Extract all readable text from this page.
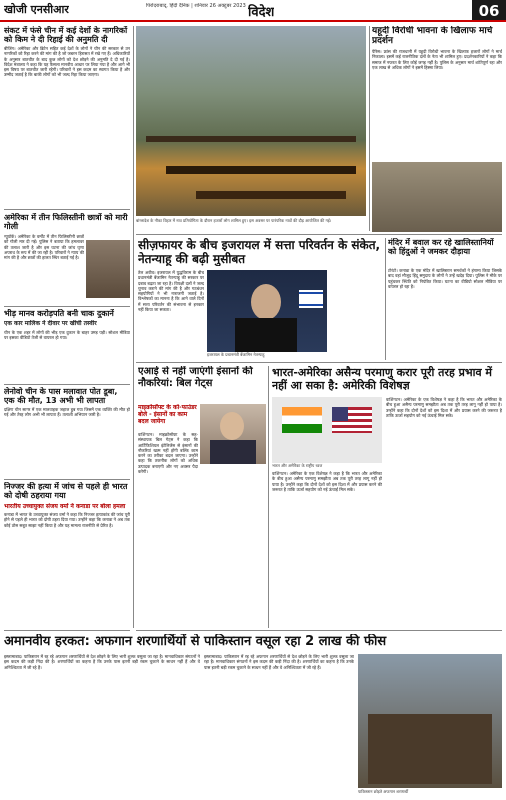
खोजी एनसीआर	पिरोदराबाद्, हिंदी दैनिक | शनिवार 26 अक्टूबर 2023 विदेश	06
संकट में फंसे चीन में कई देशों के नागरिकों को किम ने दी रिहाई की अनुमति दी
बीजिंग। अमेरिका और ब्रिटेन सहित कई देशों के लोगों ने चीन की सरकार से उन नागरिकों को रिहा करने की मांग की है जो जबरन हिरासत में रखे गए हैं। अधिकारियों के अनुसार बातचीत के बाद कुछ लोगों को देश छोड़ने की अनुमति दे दी गई है। विदेश मंत्रालय ने कहा कि यह फैसला मानवीय आधार पर लिया गया है और आगे भी इस विषय पर बातचीत जारी रहेगी। परिवारों ने इस कदम का स्वागत किया है और उम्मीद जताई है कि बाकी लोगों को भी जल्द रिहा किया जाएगा।
अमेरिका में तीन फिलिस्तीनी छात्रों को मारी गोली
न्यूयॉर्क। अमेरिका के वर्मोंट में तीन फिलिस्तीनी छात्रों को गोली मार दी गई। पुलिस ने बताया कि हमलावर की तलाश जारी है और इस घटना की जांच घृणा अपराध के रूप में की जा रही है। परिवारों ने न्याय की मांग की है और छात्रों की हालत स्थिर बताई गई है।
भीड़ मानव करोड़पति बनी चाक दुकानें
एक कार मालिक ने दीवार पर खींची तस्वीर
चीन के एक शहर में लोगों की भीड़ एक दुकान के बाहर उमड़ पड़ी। सोशल मीडिया पर इसका वीडियो तेजी से वायरल हो गया।
लेनोवो चीन के पास मलावात पोत डूबा, एक की मौत, 13 अभी भी लापता
दक्षिण चीन सागर में एक मालवाहक जहाज डूब गया जिसमें एक व्यक्ति की मौत हो गई और तेरह लोग अभी भी लापता हैं। तलाशी अभियान जारी है।
निज्जर की हत्या में जांच से पहले ही भारत को दोषी ठहराया गया
भारतीय उच्चायुक्त संजय वर्मा ने कनाडा पर बोला हमला
कनाडा में भारत के उच्चायुक्त संजय वर्मा ने कहा कि निज्जर हत्याकांड की जांच पूरी होने से पहले ही भारत को दोषी ठहरा दिया गया। उन्होंने कहा कि कनाडा ने अब तक कोई ठोस सबूत साझा नहीं किया है और यह मामला राजनीति से प्रेरित है।
बांग्लादेश के नौका विहार में नाव प्रतियोगिता के दौरान हजारों लोग शामिल हुए। इस अवसर पर पारंपरिक नावों की दौड़ आयोजित की गई।
यहूदी विरोधी भावना के खिलाफ मार्च प्रदर्शन
पेरिस। फ्रांस की राजधानी में यहूदी विरोधी भावना के खिलाफ हजारों लोगों ने मार्च निकाला। इसमें कई राजनीतिक दलों के नेता भी शामिल हुए। प्रदर्शनकारियों ने कहा कि समाज में नफरत के लिए कोई जगह नहीं है। पुलिस के अनुसार मार्च शांतिपूर्ण रहा और एक लाख से अधिक लोगों ने इसमें हिस्सा लिया।
सीज़फायर के बीच इजरायल में सत्ता परिवर्तन के संकेत, नेतन्याहू की बढ़ी मुसीबत
तेल अवीव। इजरायल में युद्धविराम के बीच प्रधानमंत्री बेंजामिन नेतन्याहू की सरकार पर दबाव बढ़ता जा रहा है। विपक्षी दलों ने जल्द चुनाव कराने की मांग की है और गठबंधन सहयोगियों ने भी नाराजगी जताई है। विश्लेषकों का मानना है कि आने वाले दिनों में सत्ता परिवर्तन की संभावना से इनकार नहीं किया जा सकता।
इजरायल के प्रधानमंत्री बेंजामिन नेतन्याहू
मंदिर में बवाल कर रहे खालिस्तानियों को हिंदुओं ने जमकर दौड़ाया
टोरंटो। कनाडा के एक मंदिर में खालिस्तान समर्थकों ने हंगामा किया जिसके बाद वहां मौजूद हिंदू समुदाय के लोगों ने उन्हें खदेड़ दिया। पुलिस ने मौके पर पहुंचकर स्थिति को नियंत्रित किया। घटना का वीडियो सोशल मीडिया पर वायरल हो रहा है।
एआई से नहीं जाएंगी इंसानों की नौकरियां: बिल गेट्स
माइक्रोसॉफ्ट के को-फाउंडर बोले - इंसानों का काम बदल जायेगा
वाशिंगटन। माइक्रोसॉफ्ट के सह-संस्थापक बिल गेट्स ने कहा कि आर्टिफिशियल इंटेलिजेंस से इंसानों की नौकरियां खत्म नहीं होंगी बल्कि काम करने का तरीका बदल जाएगा। उन्होंने कहा कि तकनीक लोगों को अधिक उत्पादक बनाएगी और नए अवसर पैदा करेगी।
भारत-अमेरिका असैन्य परमाणु करार पूरी तरह प्रभाव में नहीं आ सका है: अमेरिकी विशेषज्ञ
भारत और अमेरिका के राष्ट्रीय ध्वज
वाशिंगटन। अमेरिका के एक विशेषज्ञ ने कहा है कि भारत और अमेरिका के बीच हुआ असैन्य परमाणु समझौता अब तक पूरी तरह लागू नहीं हो पाया है। उन्होंने कहा कि दोनों देशों को इस दिशा में और प्रयास करने की जरूरत है ताकि ऊर्जा सहयोग को नई ऊंचाई मिल सके।
वाशिंगटन। अमेरिका के एक विशेषज्ञ ने कहा है कि भारत और अमेरिका के बीच हुआ असैन्य परमाणु समझौता अब तक पूरी तरह लागू नहीं हो पाया है। उन्होंने कहा कि दोनों देशों को इस दिशा में और प्रयास करने की जरूरत है ताकि ऊर्जा सहयोग को नई ऊंचाई मिल सके।
अमानवीय हरकत: अफगान शरणार्थियों से पाकिस्तान वसूल रहा 2 लाख की फीस
इस्लामाबाद। पाकिस्तान में रह रहे अफगान शरणार्थियों से देश छोड़ने के लिए भारी शुल्क वसूला जा रहा है। मानवाधिकार संगठनों ने इस कदम की कड़ी निंदा की है। शरणार्थियों का कहना है कि उनके पास इतनी बड़ी रकम चुकाने के साधन नहीं हैं और वे अनिश्चितता में जी रहे हैं।
इस्लामाबाद। पाकिस्तान में रह रहे अफगान शरणार्थियों से देश छोड़ने के लिए भारी शुल्क वसूला जा रहा है। मानवाधिकार संगठनों ने इस कदम की कड़ी निंदा की है। शरणार्थियों का कहना है कि उनके पास इतनी बड़ी रकम चुकाने के साधन नहीं हैं और वे अनिश्चितता में जी रहे हैं।
पाकिस्तान छोड़ते अफगान शरणार्थी
